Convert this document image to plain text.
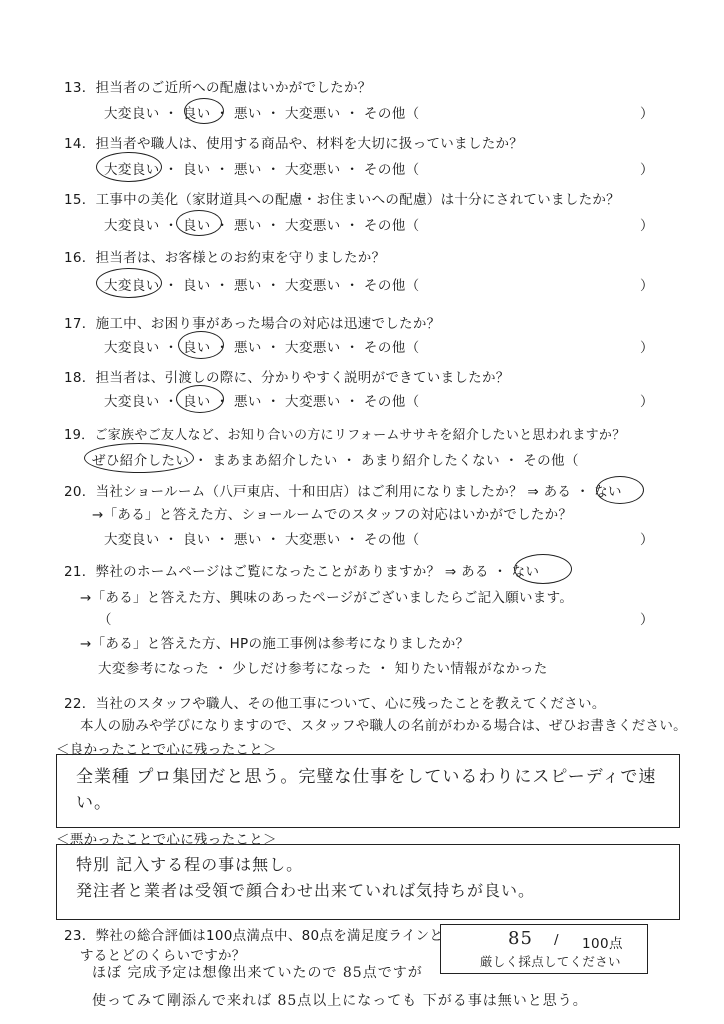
13．担当者のご近所への配慮はいかがでしたか？
大変良い ・ 良い ・ 悪い ・ 大変悪い ・ その他（	）
14．担当者や職人は、使用する商品や、材料を大切に扱っていましたか？
大変良い ・ 良い ・ 悪い ・ 大変悪い ・ その他（	）
15．工事中の美化（家財道具への配慮・お住まいへの配慮）は十分にされていましたか？
大変良い ・ 良い ・ 悪い ・ 大変悪い ・ その他（	）
16．担当者は、お客様とのお約束を守りましたか？
大変良い ・ 良い ・ 悪い ・ 大変悪い ・ その他（	）
17．施工中、お困り事があった場合の対応は迅速でしたか？
大変良い ・ 良い ・ 悪い ・ 大変悪い ・ その他（	）
18．担当者は、引渡しの際に、分かりやすく説明ができていましたか？
大変良い ・ 良い ・ 悪い ・ 大変悪い ・ その他（	）
19．ご家族やご友人など、お知り合いの方にリフォームササキを紹介したいと思われますか？
ぜひ紹介したい ・ まあまあ紹介したい ・ あまり紹介したくない ・ その他（
20．当社ショールーム（八戸東店、十和田店）はご利用になりましたか？ ⇒ ある ・ ない
→「ある」と答えた方、ショールームでのスタッフの対応はいかがでしたか？
大変良い ・ 良い ・ 悪い ・ 大変悪い ・ その他（	）
21．弊社のホームページはご覧になったことがありますか？ ⇒ ある ・ ない
→「ある」と答えた方、興味のあったページがございましたらご記入願います。
（	）
→「ある」と答えた方、HPの施工事例は参考になりましたか？
大変参考になった ・ 少しだけ参考になった ・ 知りたい情報がなかった
22．当社のスタッフや職人、その他工事について、心に残ったことを教えてください。
本人の励みや学びになりますので、スタッフや職人の名前がわかる場合は、ぜひお書きください。
＜良かったことで心に残ったこと＞
全業種 プロ集団だと思う。完璧な仕事をしているわりにスピーディで速い。
＜悪かったことで心に残ったこと＞
特別 記入する程の事は無し。
発注者と業者は受領で顔合わせ出来ていれば気持ちが良い。
23．弊社の総合評価は100点満点中、80点を満足度ラインと
するとどのくらいですか？
85 / 100点
厳しく採点してください
ほぼ 完成予定は想像出来ていたので 85点ですが
使ってみて剛添んで来れば 85点以上になっても 下がる事は無いと思う。
